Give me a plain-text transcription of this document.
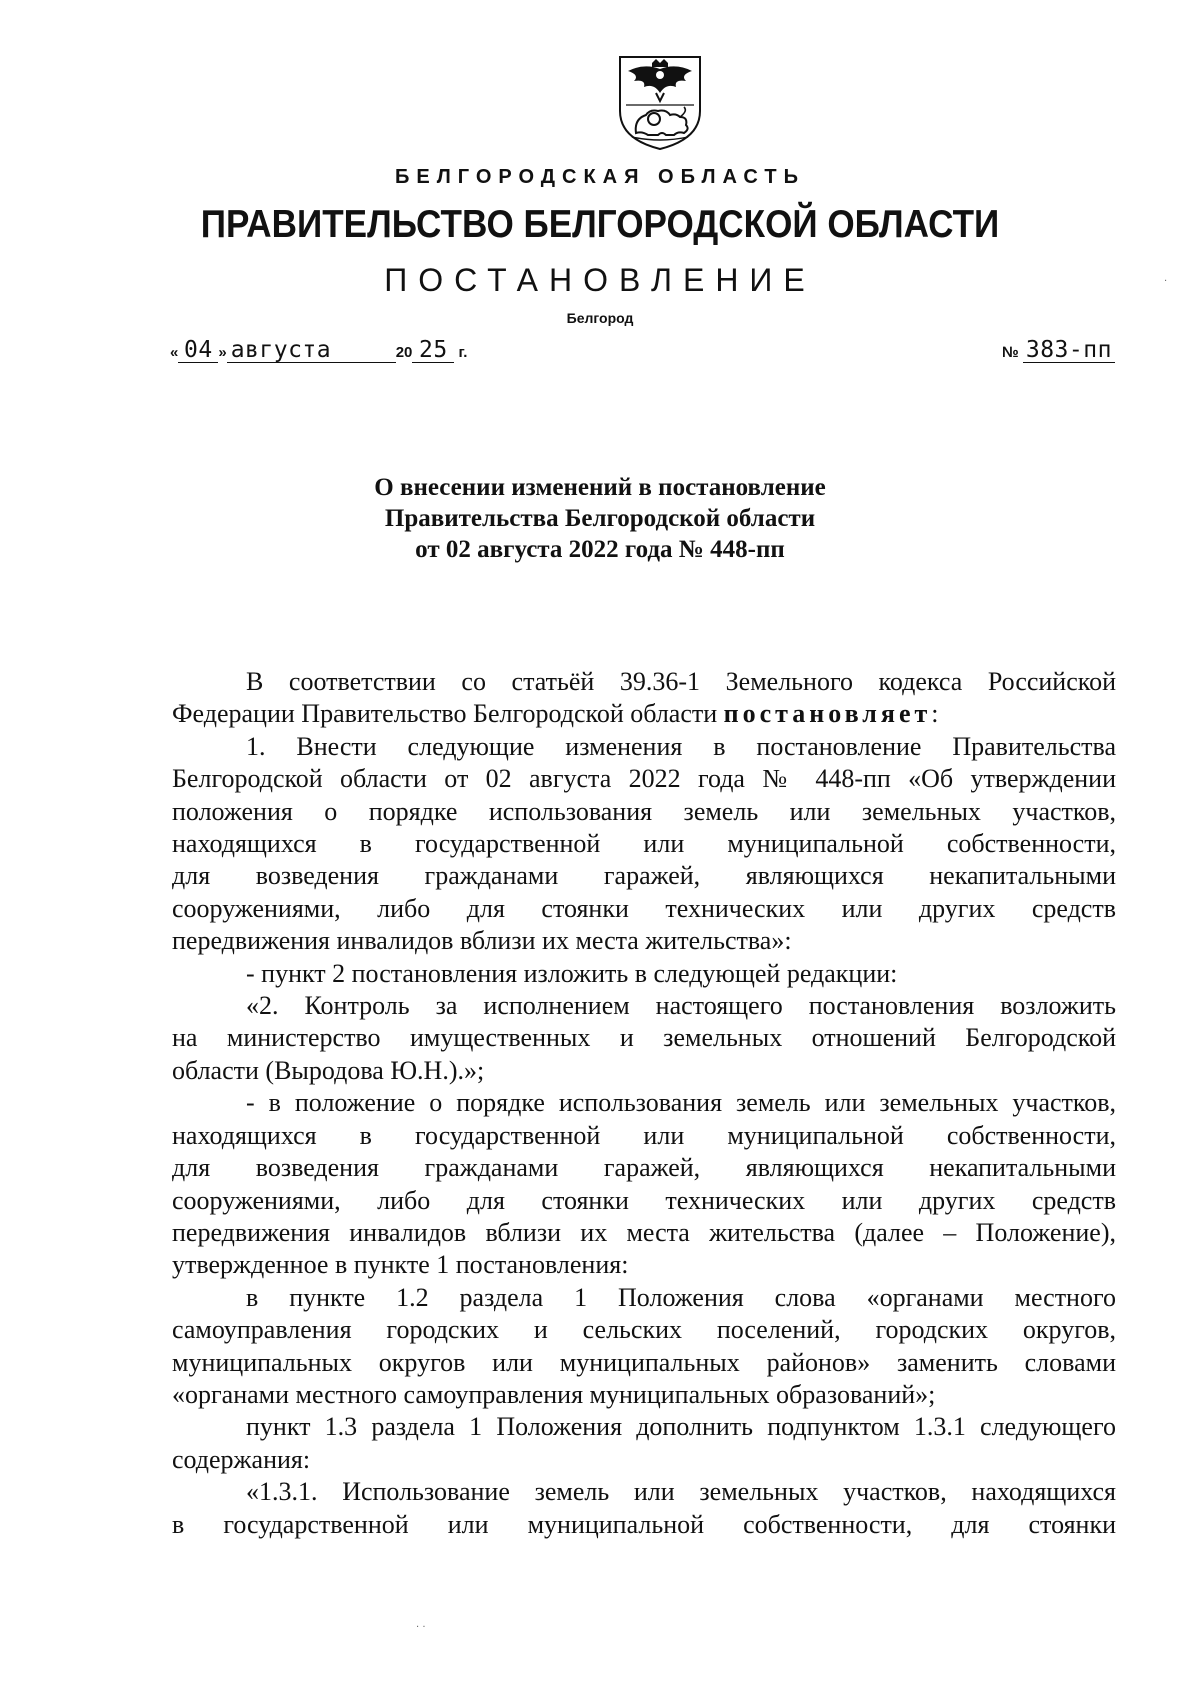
БЕЛГОРОДСКАЯ ОБЛАСТЬ
ПРАВИТЕЛЬСТВО БЕЛГОРОДСКОЙ ОБЛАСТИ
ПОСТАНОВЛЕНИЕ
Белгород
« 04 » августа	20 25 г.	№ 383-пп
О внесении изменений в постановление
Правительства Белгородской области
от 02 августа 2022 года № 448-пп
В соответствии со статьёй 39.36-1 Земельного кодекса Российской
Федерации Правительство Белгородской области постановляет:
1. Внести следующие изменения в постановление Правительства
Белгородской области от 02 августа 2022 года № 448-пп «Об утверждении
положения о порядке использования земель или земельных участков,
находящихся в государственной или муниципальной собственности,
для возведения гражданами гаражей, являющихся некапитальными
сооружениями, либо для стоянки технических или других средств
передвижения инвалидов вблизи их места жительства»:
- пункт 2 постановления изложить в следующей редакции:
«2. Контроль за исполнением настоящего постановления возложить
на министерство имущественных и земельных отношений Белгородской
области (Выродова Ю.Н.).»;
- в положение о порядке использования земель или земельных участков,
находящихся в государственной или муниципальной собственности,
для возведения гражданами гаражей, являющихся некапитальными
сооружениями, либо для стоянки технических или других средств
передвижения инвалидов вблизи их места жительства (далее – Положение),
утвержденное в пункте 1 постановления:
в пункте 1.2 раздела 1 Положения слова «органами местного
самоуправления городских и сельских поселений, городских округов,
муниципальных округов или муниципальных районов» заменить словами
«органами местного самоуправления муниципальных образований»;
пункт 1.3 раздела 1 Положения дополнить подпунктом 1.3.1 следующего
содержания:
«1.3.1. Использование земель или земельных участков, находящихся
в государственной или муниципальной собственности, для стоянки
·
· ·
